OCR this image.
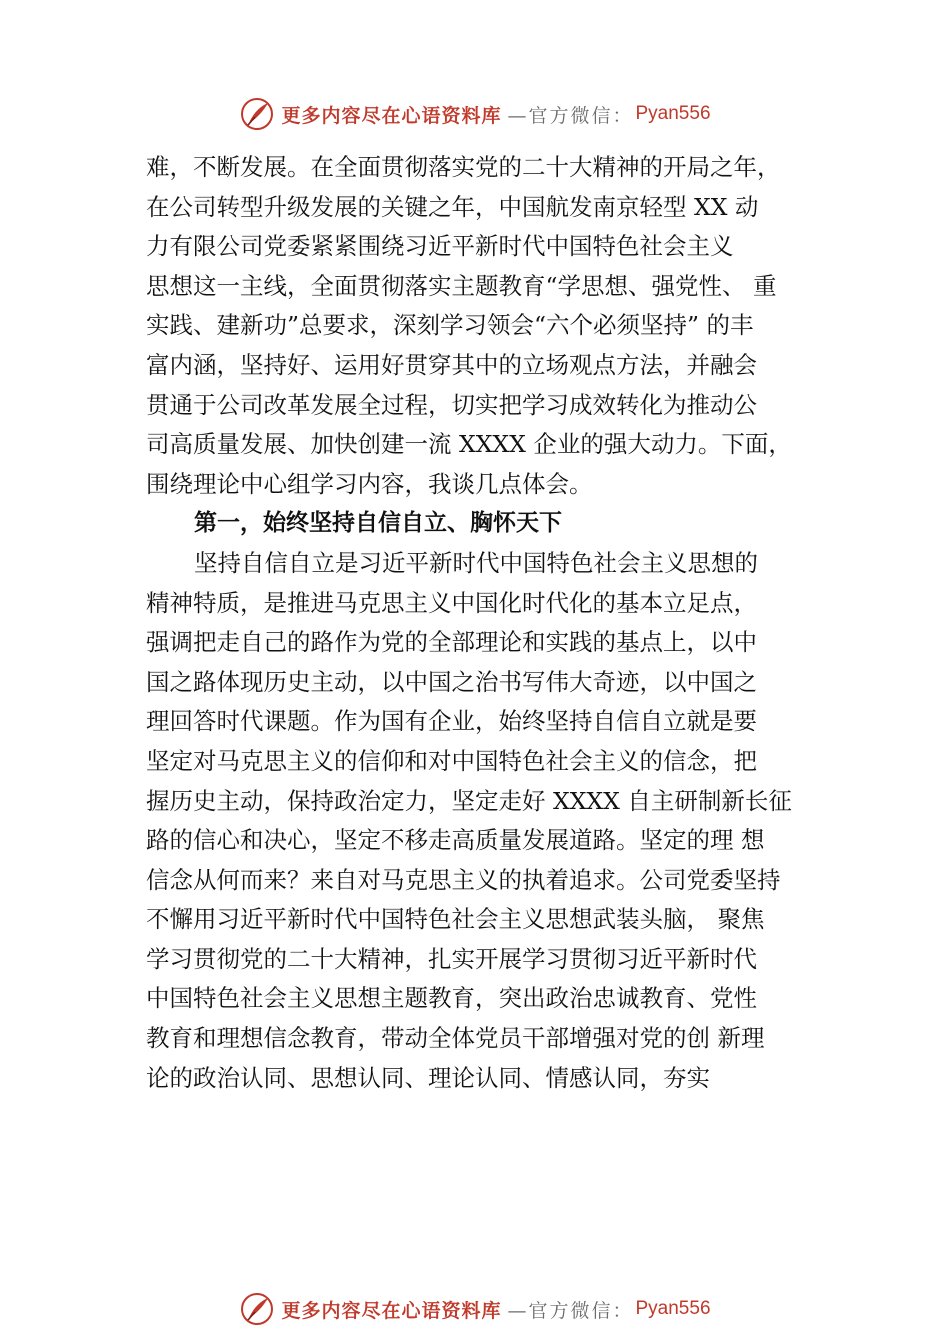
更多内容尽在心语资料库 —官方微信： Pyan556
难，不断发展。在全面贯彻落实党的二十大精神的开局之年，
在公司转型升级发展的关键之年，中国航发南京轻型 XX 动
力有限公司党委紧紧围绕习近平新时代中国特色社会主义
思想这一主线，全面贯彻落实主题教育“学思想、强党性、 重
实践、建新功”总要求，深刻学习领会“六个必须坚持” 的丰
富内涵，坚持好、运用好贯穿其中的立场观点方法，并融会
贯通于公司改革发展全过程，切实把学习成效转化为推动公
司高质量发展、加快创建一流 XXXX 企业的强大动力。下面，
围绕理论中心组学习内容，我谈几点体会。
第一，始终坚持自信自立、胸怀天下
坚持自信自立是习近平新时代中国特色社会主义思想的
精神特质，是推进马克思主义中国化时代化的基本立足点，
强调把走自己的路作为党的全部理论和实践的基点上，以中
国之路体现历史主动，以中国之治书写伟大奇迹，以中国之
理回答时代课题。作为国有企业，始终坚持自信自立就是要
坚定对马克思主义的信仰和对中国特色社会主义的信念，把
握历史主动，保持政治定力，坚定走好 XXXX 自主研制新长征
路的信心和决心，坚定不移走高质量发展道路。坚定的理 想
信念从何而来？来自对马克思主义的执着追求。公司党委坚持
不懈用习近平新时代中国特色社会主义思想武装头脑， 聚焦
学习贯彻党的二十大精神，扎实开展学习贯彻习近平新时代
中国特色社会主义思想主题教育，突出政治忠诚教育、党性
教育和理想信念教育，带动全体党员干部增强对党的创 新理
论的政治认同、思想认同、理论认同、情感认同，夯实
更多内容尽在心语资料库 —官方微信： Pyan556
